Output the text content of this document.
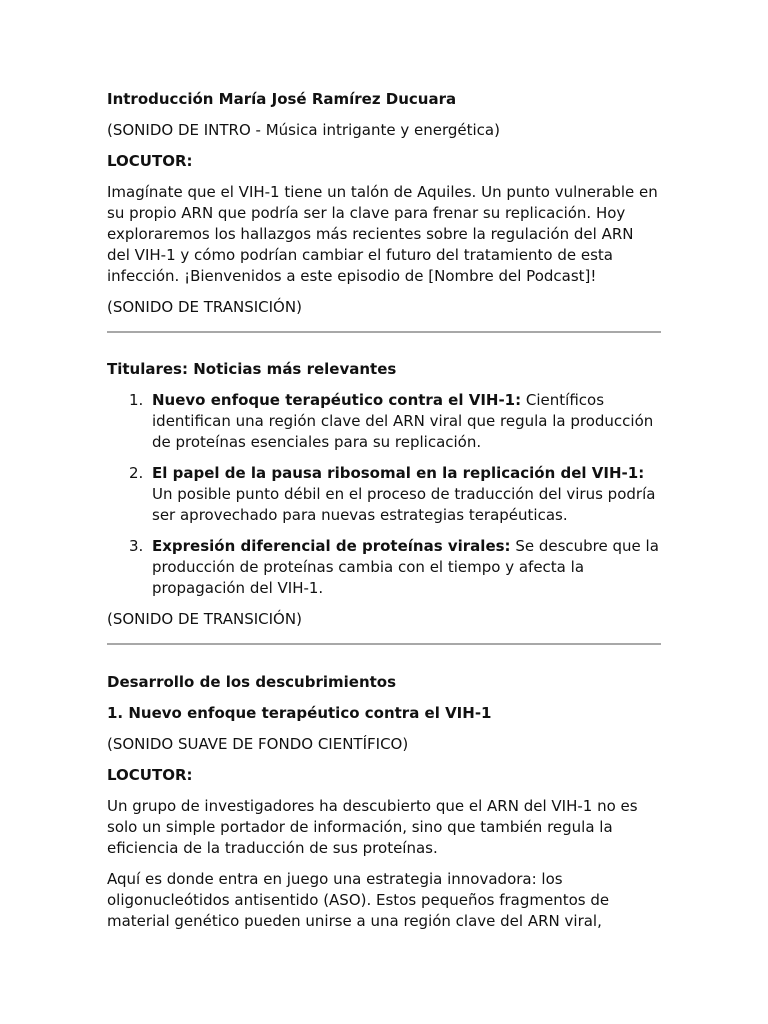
Introducción María José Ramírez Ducuara

(SONIDO DE INTRO - Música intrigante y energética)

LOCUTOR:

Imagínate que el VIH-1 tiene un talón de Aquiles. Un punto vulnerable en
su propio ARN que podría ser la clave para frenar su replicación. Hoy
exploraremos los hallazgos más recientes sobre la regulación del ARN
del VIH-1 y cómo podrían cambiar el futuro del tratamiento de esta
infección. ¡Bienvenidos a este episodio de [Nombre del Podcast]!

(SONIDO DE TRANSICIÓN)

Titulares: Noticias más relevantes

1. Nuevo enfoque terapéutico contra el VIH-1: Científicos
identifican una región clave del ARN viral que regula la producción
de proteínas esenciales para su replicación.
2. El papel de la pausa ribosomal en la replicación del VIH-1:
Un posible punto débil en el proceso de traducción del virus podría
ser aprovechado para nuevas estrategias terapéuticas.
3. Expresión diferencial de proteínas virales: Se descubre que la
producción de proteínas cambia con el tiempo y afecta la
propagación del VIH-1.

(SONIDO DE TRANSICIÓN)

Desarrollo de los descubrimientos

1. Nuevo enfoque terapéutico contra el VIH-1

(SONIDO SUAVE DE FONDO CIENTÍFICO)

LOCUTOR:

Un grupo de investigadores ha descubierto que el ARN del VIH-1 no es
solo un simple portador de información, sino que también regula la
eficiencia de la traducción de sus proteínas.
Aquí es donde entra en juego una estrategia innovadora: los
oligonucleótidos antisentido (ASO). Estos pequeños fragmentos de
material genético pueden unirse a una región clave del ARN viral,
